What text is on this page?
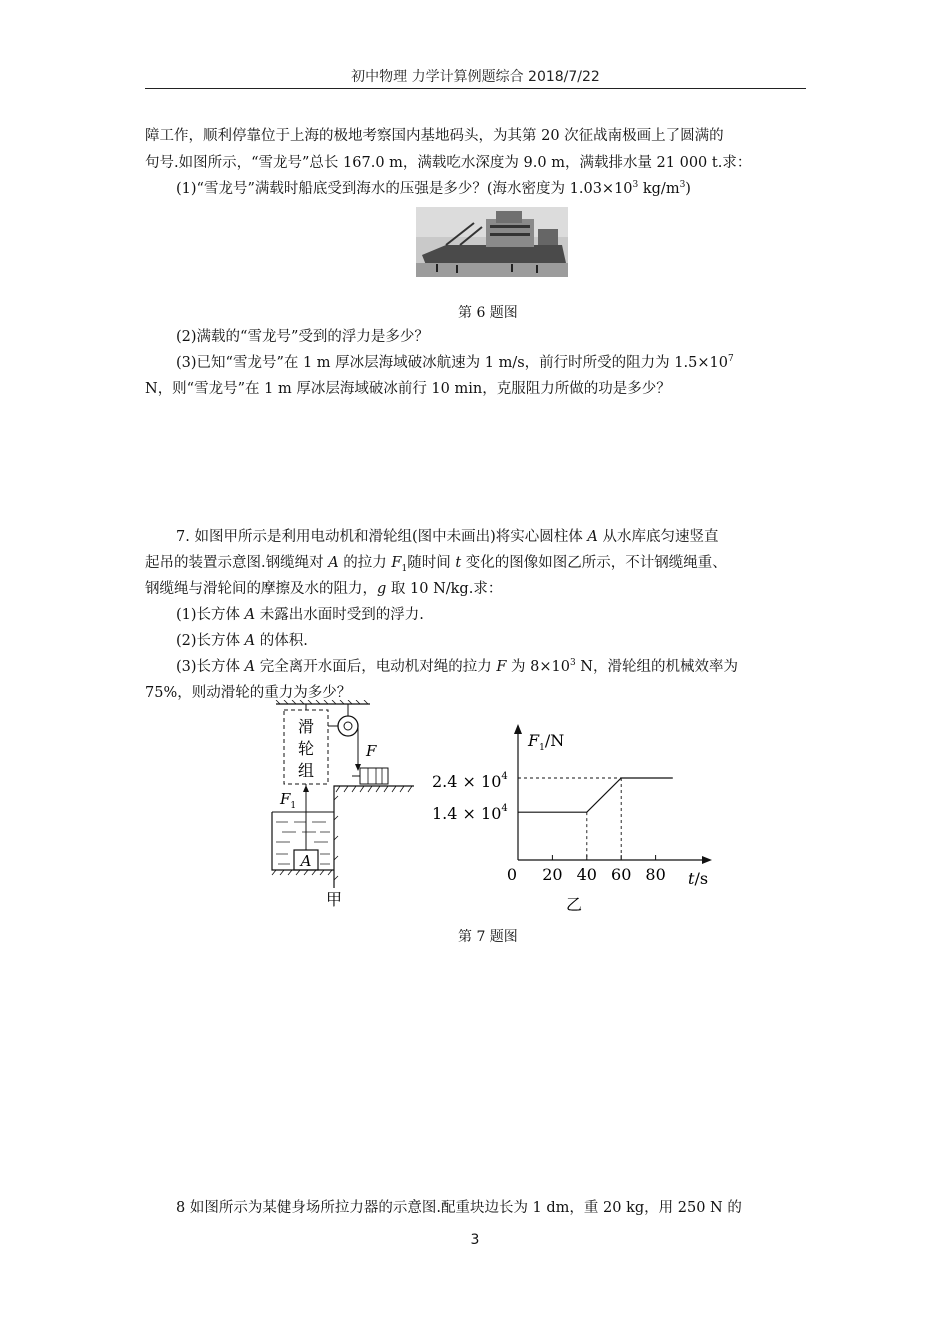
初中物理 力学计算例题综合 2018/7/22
障工作，顺利停靠位于上海的极地考察国内基地码头，为其第 20 次征战南极画上了圆满的
句号.如图所示，“雪龙号”总长 167.0 m，满载吃水深度为 9.0 m，满载排水量 21 000 t.求：
(1)“雪龙号”满载时船底受到海水的压强是多少？(海水密度为 $1.03\times 10^3$ $kg/m^3$)
第 6 题图
(2)满载的“雪龙号”受到的浮力是多少？
(3)已知“雪龙号”在 1 m 厚冰层海域破冰航速为 1 m/s，前行时所受的阻力为 $1.5\times 10^7$
N，则“雪龙号”在 1 m 厚冰层海域破冰前行 10 min，克服阻力所做的功是多少？
7. 如图甲所示是利用电动机和滑轮组(图中未画出)将实心圆柱体 A 从水库底匀速竖直
起吊的装置示意图.钢缆绳对 A 的拉力 $F_1$随时间 t 变化的图像如图乙所示，不计钢缆绳重、
钢缆绳与滑轮间的摩擦及水的阻力，g 取 10 N/kg.求：
(1)长方体 A 未露出水面时受到的浮力.
(2)长方体 A 的体积.
(3)长方体 A 完全离开水面后，电动机对绳的拉力 F 为 $8\times 10^3$ N，滑轮组的机械效率为
75%，则动滑轮的重力为多少？
滑
轮
组
F
$F_1$
A
甲
$F_1/N$
t/s
0
$2.4 \times 10^4$
$1.4 \times 10^4$
20 40 60 80
乙
第 7 题图
8 如图所示为某健身场所拉力器的示意图.配重块边长为 1 dm，重 20 kg，用 250 N 的
3
